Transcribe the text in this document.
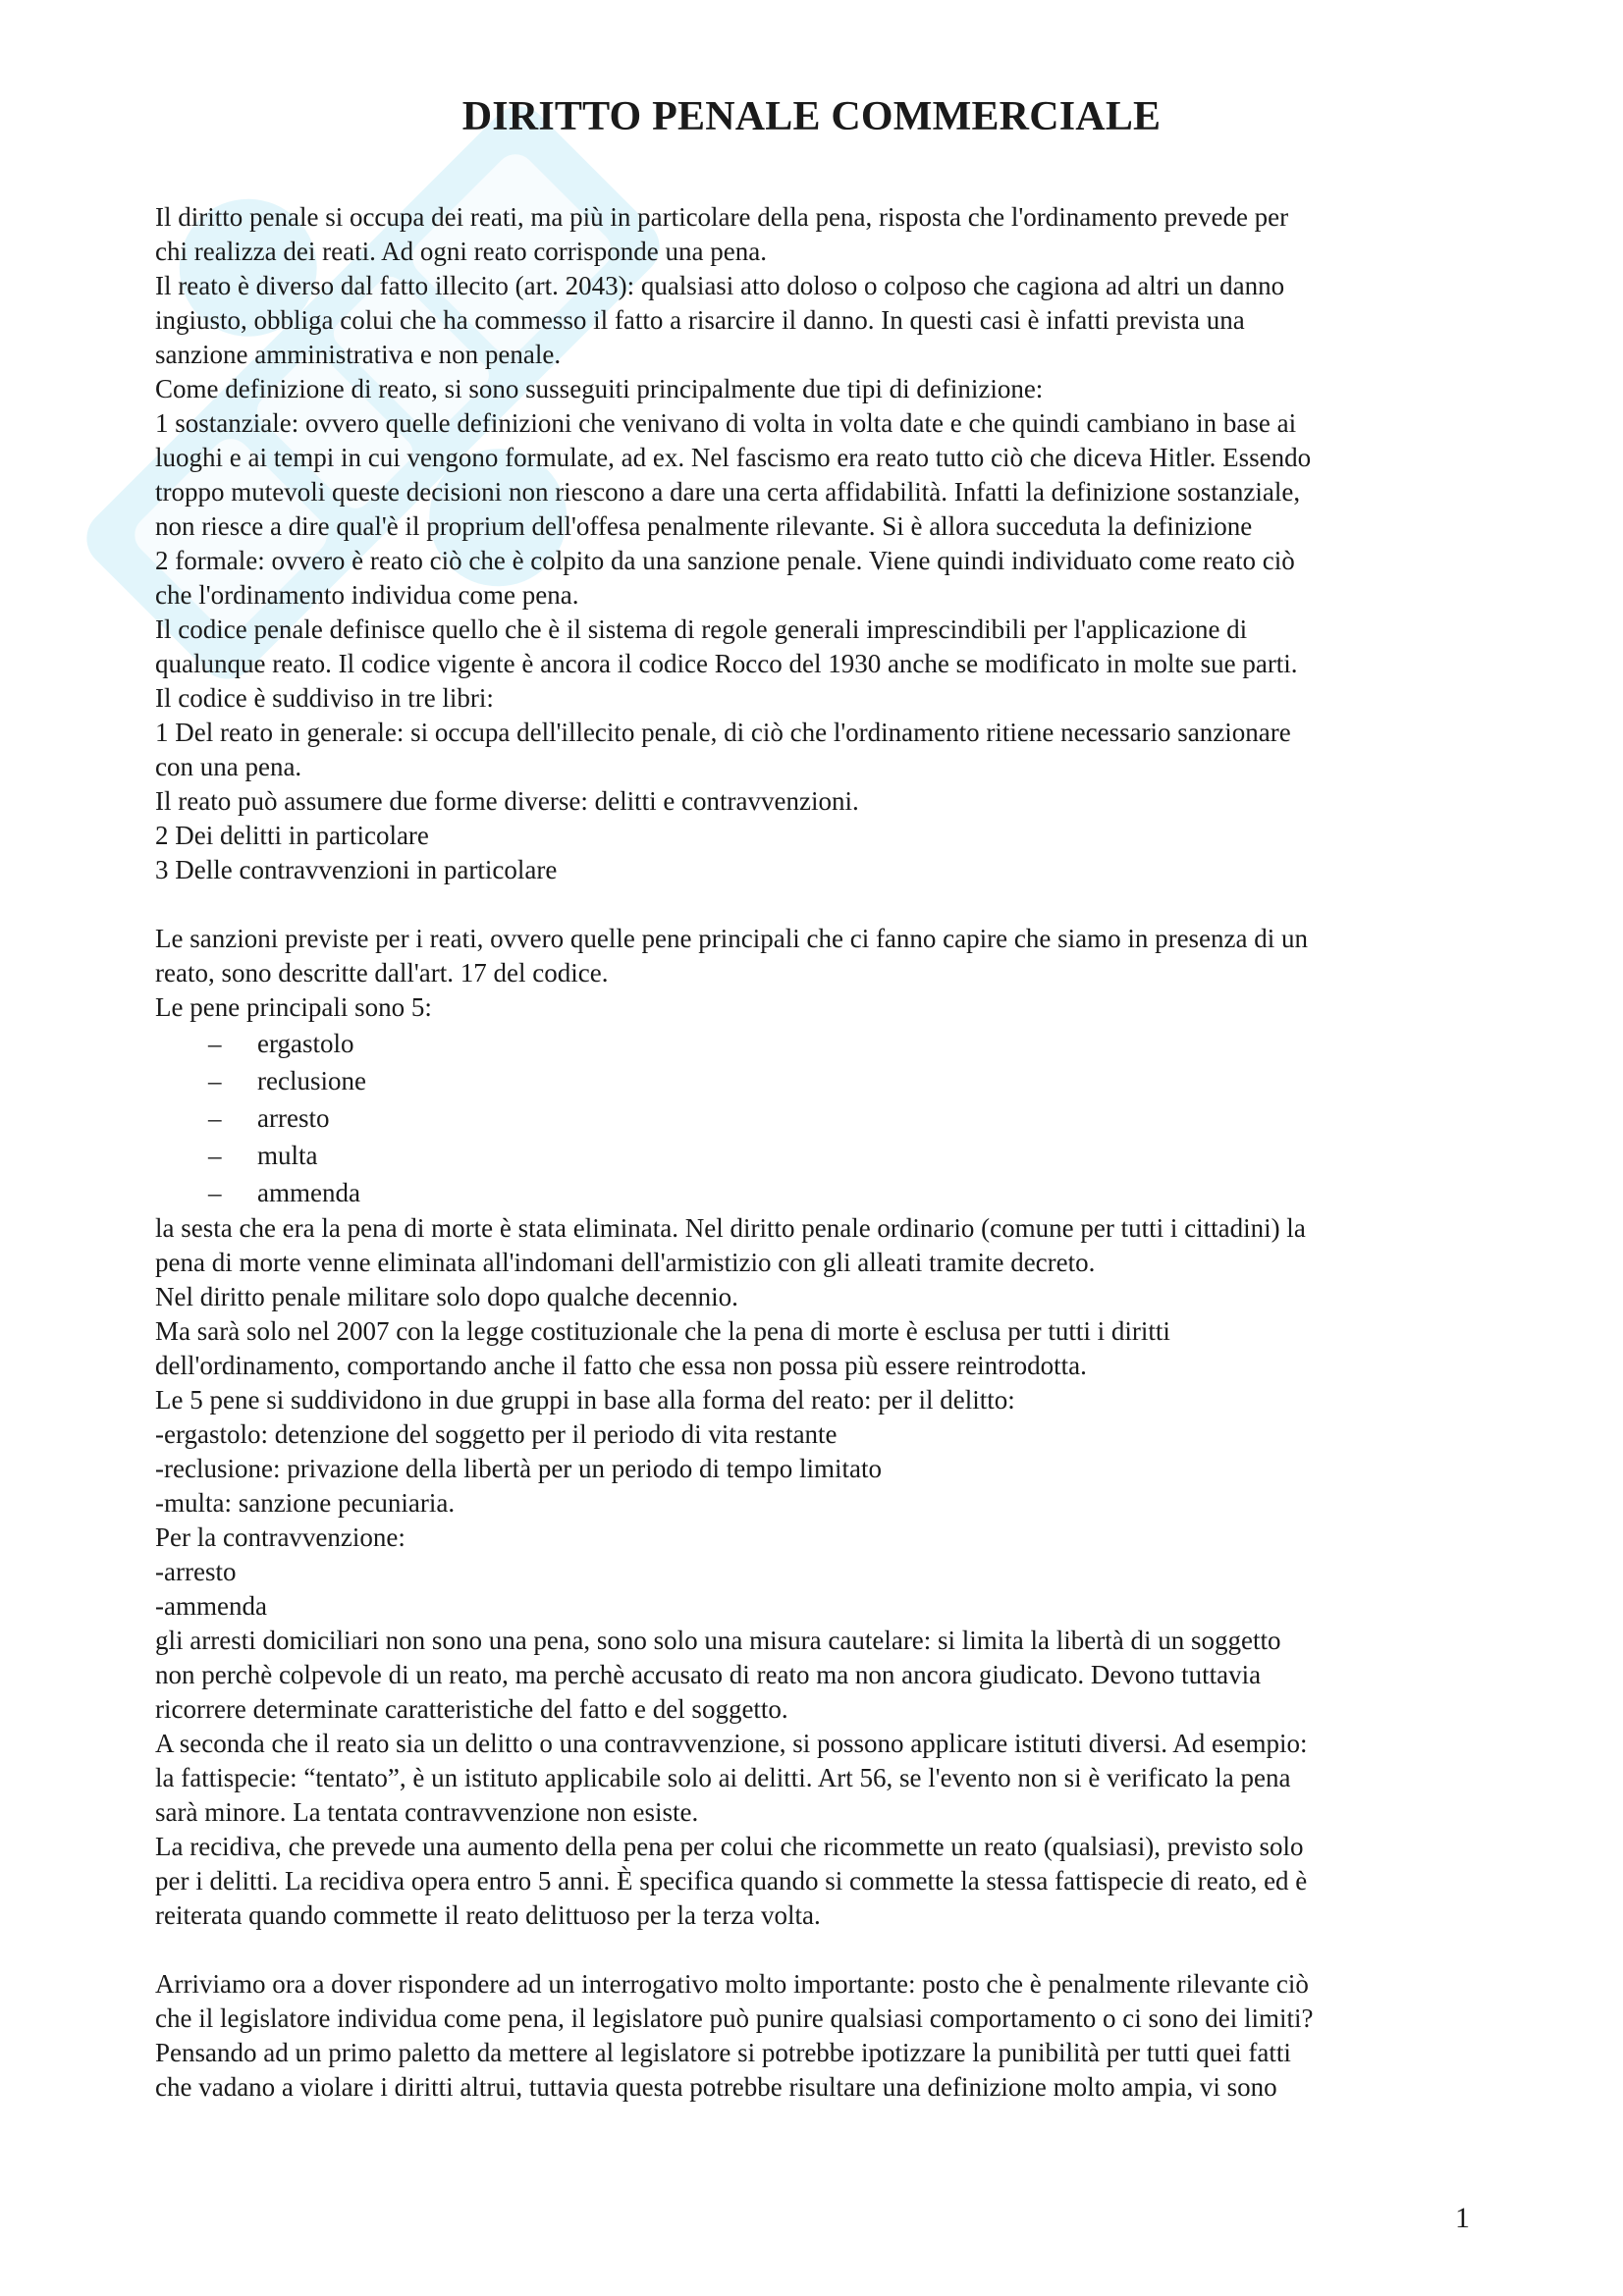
DIRITTO PENALE COMMERCIALE
Il diritto penale si occupa dei reati, ma più in particolare della pena, risposta che l'ordinamento prevede per
chi realizza dei reati. Ad ogni reato corrisponde una pena.
Il reato è diverso dal fatto illecito (art. 2043): qualsiasi atto doloso o colposo che cagiona ad altri un danno
ingiusto, obbliga colui che ha commesso il fatto a risarcire il danno. In questi casi è infatti prevista una
sanzione amministrativa e non penale.
Come definizione di reato, si sono susseguiti principalmente due tipi di definizione:
1 sostanziale: ovvero quelle definizioni che venivano di volta in volta date e che quindi cambiano in base ai
luoghi e ai tempi in cui vengono formulate, ad ex. Nel fascismo era reato tutto ciò che diceva Hitler. Essendo
troppo mutevoli queste decisioni non riescono a dare una certa affidabilità. Infatti la definizione sostanziale,
non riesce a dire qual'è il proprium dell'offesa penalmente rilevante. Si è allora succeduta la definizione
2 formale: ovvero è reato ciò che è colpito da una sanzione penale. Viene quindi individuato come reato ciò
che l'ordinamento individua come pena.
Il codice penale definisce quello che è il sistema di regole generali imprescindibili per l'applicazione di
qualunque reato. Il codice vigente è ancora il codice Rocco del 1930 anche se modificato in molte sue parti.
Il codice è suddiviso in tre libri:
1 Del reato in generale: si occupa dell'illecito penale, di ciò che l'ordinamento ritiene necessario sanzionare
con una pena.
Il reato può assumere due forme diverse: delitti e contravvenzioni.
2 Dei delitti in particolare
3 Delle contravvenzioni in particolare
Le sanzioni previste per i reati, ovvero quelle pene principali che ci fanno capire che siamo in presenza di un
reato, sono descritte dall'art. 17 del codice.
Le pene principali sono 5:
– ergastolo
– reclusione
– arresto
– multa
– ammenda
la sesta che era la pena di morte è stata eliminata. Nel diritto penale ordinario (comune per tutti i cittadini) la
pena di morte venne eliminata all'indomani dell'armistizio con gli alleati tramite decreto.
Nel diritto penale militare solo dopo qualche decennio.
Ma sarà solo nel 2007 con la legge costituzionale che la pena di morte è esclusa per tutti i diritti
dell'ordinamento, comportando anche il fatto che essa non possa più essere reintrodotta.
Le 5 pene si suddividono in due gruppi in base alla forma del reato: per il delitto:
-ergastolo: detenzione del soggetto per il periodo di vita restante
-reclusione: privazione della libertà per un periodo di tempo limitato
-multa: sanzione pecuniaria.
Per la contravvenzione:
-arresto
-ammenda
gli arresti domiciliari non sono una pena, sono solo una misura cautelare: si limita la libertà di un soggetto
non perchè colpevole di un reato, ma perchè accusato di reato ma non ancora giudicato. Devono tuttavia
ricorrere determinate caratteristiche del fatto e del soggetto.
A seconda che il reato sia un delitto o una contravvenzione, si possono applicare istituti diversi. Ad esempio:
la fattispecie: “tentato”, è un istituto applicabile solo ai delitti. Art 56, se l'evento non si è verificato la pena
sarà minore. La tentata contravvenzione non esiste.
La recidiva, che prevede una aumento della pena per colui che ricommette un reato (qualsiasi), previsto solo
per i delitti. La recidiva opera entro 5 anni. È specifica quando si commette la stessa fattispecie di reato, ed è
reiterata quando commette il reato delittuoso per la terza volta.
Arriviamo ora a dover rispondere ad un interrogativo molto importante: posto che è penalmente rilevante ciò
che il legislatore individua come pena, il legislatore può punire qualsiasi comportamento o ci sono dei limiti?
Pensando ad un primo paletto da mettere al legislatore si potrebbe ipotizzare la punibilità per tutti quei fatti
che vadano a violare i diritti altrui, tuttavia questa potrebbe risultare una definizione molto ampia, vi sono
1
